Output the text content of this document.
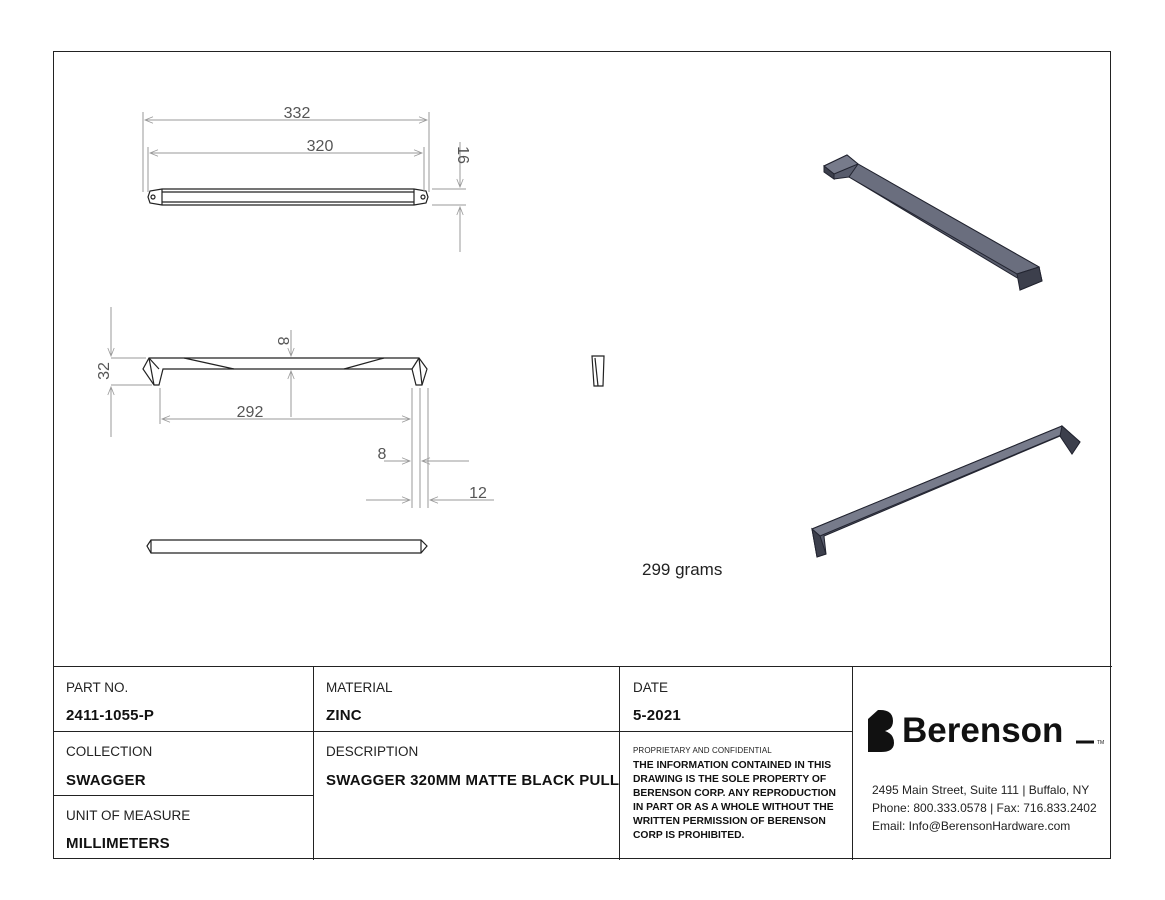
332
320	16
32
8
292
8
12
299 grams
PART NO.
2411-1055-P
COLLECTION
SWAGGER
UNIT OF MEASURE
MILLIMETERS
MATERIAL
ZINC
DESCRIPTION
SWAGGER 320MM MATTE BLACK PULL
DATE
5-2021
PROPRIETARY AND CONFIDENTIAL
THE INFORMATION CONTAINED IN THIS
DRAWING IS THE SOLE PROPERTY OF
BERENSON CORP. ANY REPRODUCTION
IN PART OR AS A WHOLE WITHOUT THE
WRITTEN PERMISSION OF BERENSON
CORP IS PROHIBITED.
Berenson	TM
2495 Main Street, Suite 111 | Buffalo, NY
Phone: 800.333.0578 | Fax: 716.833.2402
Email: Info@BerensonHardware.com
